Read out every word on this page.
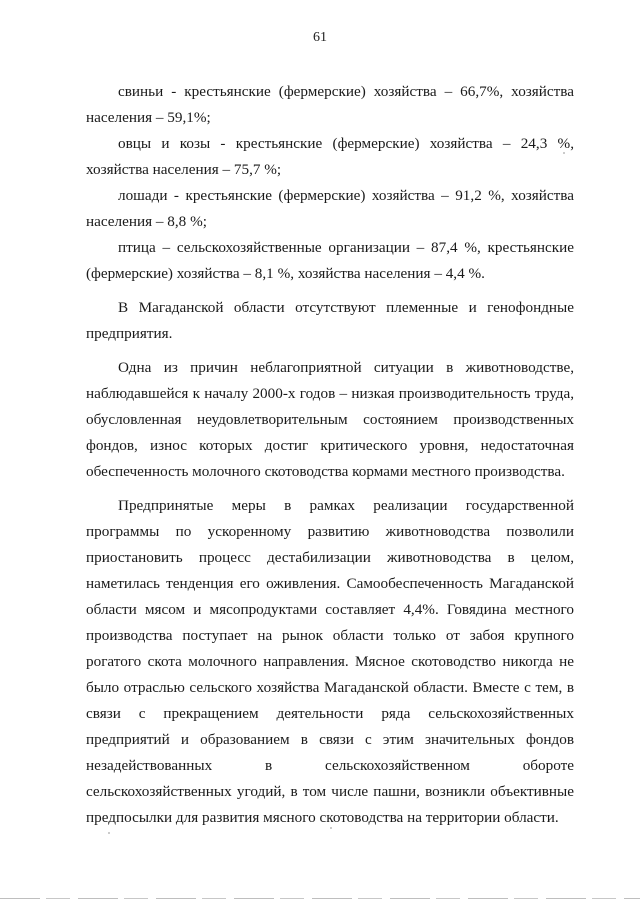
61

свиньи - крестьянские (фермерские) хозяйства – 66,7%, хозяйства населения – 59,1%;

овцы и козы - крестьянские (фермерские) хозяйства – 24,3 %, хозяйства населения – 75,7 %;

лошади - крестьянские (фермерские) хозяйства – 91,2 %, хозяйства населения – 8,8 %;

птица – сельскохозяйственные организации – 87,4 %, крестьянские (фермерские) хозяйства – 8,1 %, хозяйства населения – 4,4 %.

В Магаданской области отсутствуют племенные и генофондные предприятия.

Одна из причин неблагоприятной ситуации в животноводстве, наблюдавшейся к началу 2000-х годов – низкая производительность труда, обусловленная неудовлетворительным состоянием производственных фондов, износ которых достиг критического уровня, недостаточная обеспеченность молочного скотоводства кормами местного производства.

Предпринятые меры в рамках реализации государственной программы по ускоренному развитию животноводства позволили приостановить процесс дестабилизации животноводства в целом, наметилась тенденция его оживления. Самообеспеченность Магаданской области мясом и мясопродуктами составляет 4,4%. Говядина местного производства поступает на рынок области только от забоя крупного рогатого скота молочного направления. Мясное скотоводство никогда не было отраслью сельского хозяйства Магаданской области. Вместе с тем, в связи с прекращением деятельности ряда сельскохозяйственных предприятий и образованием в связи с этим значительных фондов незадействованных в сельскохозяйственном обороте сельскохозяйственных угодий, в том числе пашни, возникли объективные предпосылки для развития мясного скотоводства на территории области.
